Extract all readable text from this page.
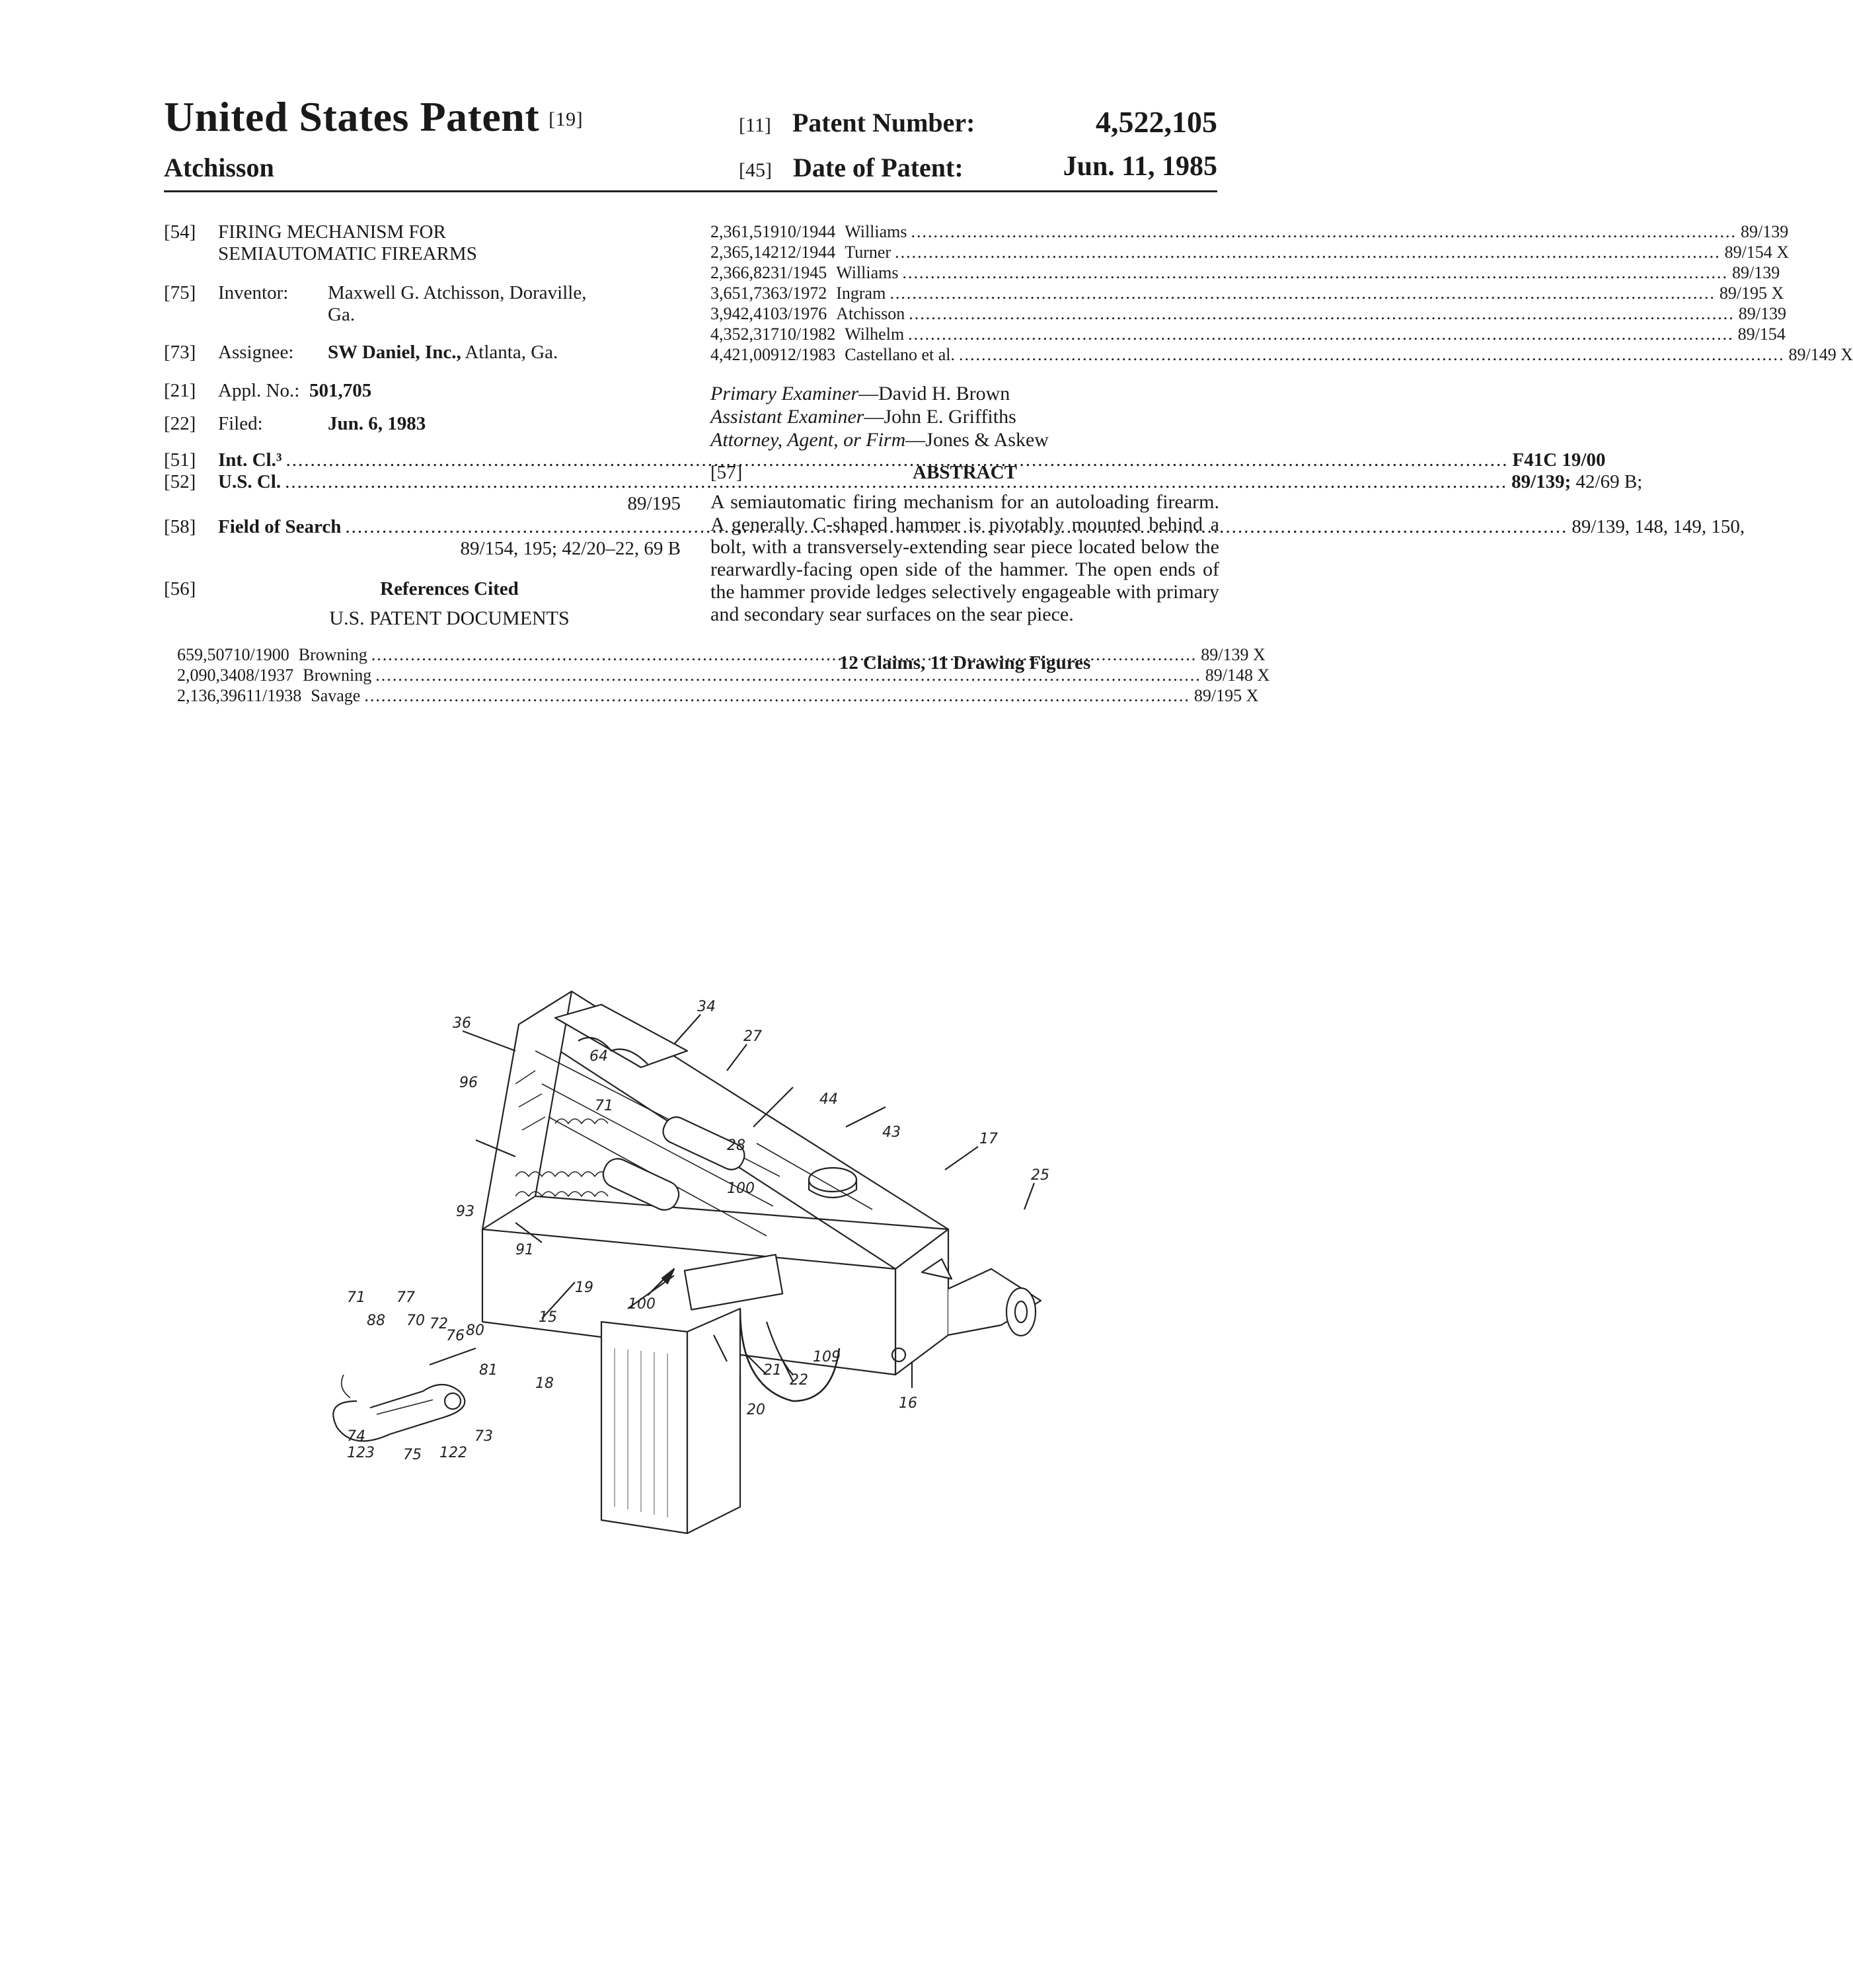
United States Patent [19]
Atchisson
[11] Patent Number:	4,522,105
[45] Date of Patent:	Jun. 11, 1985
[54]	FIRING MECHANISM FOR
SEMIAUTOMATIC FIREARMS
[75]	Inventor: Maxwell G. Atchisson, Doraville,
Ga.
[73] Assignee: SW Daniel, Inc., Atlanta, Ga.
[21] Appl. No.: 501,705
[22] Filed:	Jun. 6, 1983
[51] Int. Cl.³ .....	F41C 19/00
[52] U.S. Cl. .....	89/139; 42/69 B;
89/195
[58] Field of Search .....	89/139, 148, 149, 150,
89/154, 195; 42/20–22, 69 B
[56]	References Cited
U.S. PATENT DOCUMENTS
659,507 10/1900 Browning .....	89/139 X
2,090,340 8/1937 Browning .....	89/148 X
2,136,396 11/1938 Savage .....	89/195 X
2,361,519 10/1944 Williams .....	89/139
2,365,142 12/1944 Turner .....	89/154 X
2,366,823 1/1945 Williams .....	89/139
3,651,736 3/1972 Ingram .....	89/195 X
3,942,410 3/1976 Atchisson .....	89/139
4,352,317 10/1982 Wilhelm .....	89/154
4,421,009 12/1983 Castellano et al. .....	89/149 X
Primary Examiner—David H. Brown
Assistant Examiner—John E. Griffiths
Attorney, Agent, or Firm—Jones & Askew
[57]	ABSTRACT
A semiautomatic firing mechanism for an autoloading firearm. A generally C-shaped hammer is pivotably mounted behind a bolt, with a transversely-extending sear piece located below the rearwardly-facing open side of the hammer. The open ends of the hammer provide ledges selectively engageable with primary and secondary sear surfaces on the sear piece.
12 Claims, 11 Drawing Figures
36
34
27
64
96
71
28
44
43	17
25
93
100
91
19
15
100
109
21
22
20	16
18
71 77
88 70 72
76 80
81
74
123 75 122
73
